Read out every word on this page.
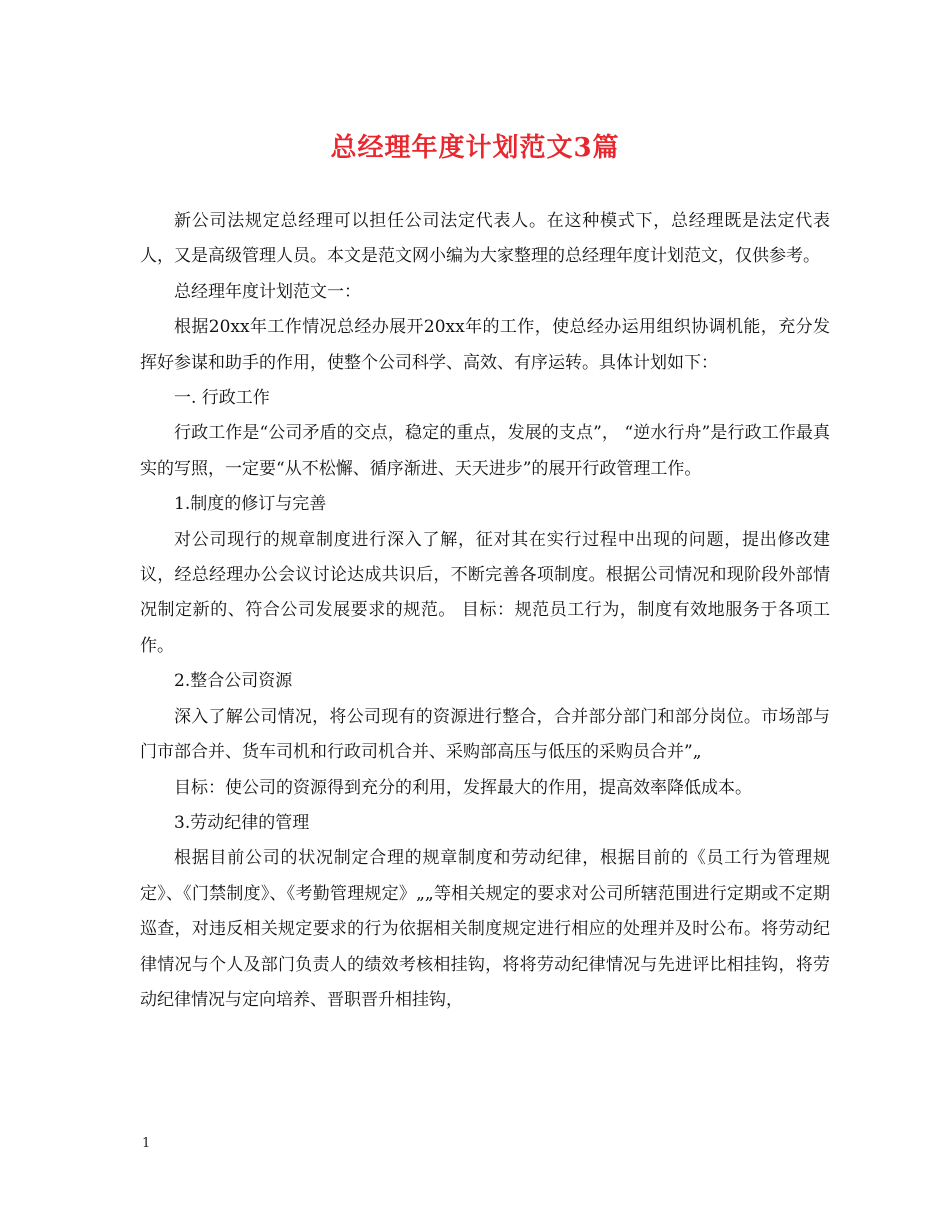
总经理年度计划范文3篇

新公司法规定总经理可以担任公司法定代表人。在这种模式下，总经理既是法定代表人，又是高级管理人员。本文是范文网小编为大家整理的总经理年度计划范文，仅供参考。

总经理年度计划范文一：

根据20xx年工作情况总经办展开20xx年的工作，使总经办运用组织协调机能，充分发挥好参谋和助手的作用，使整个公司科学、高效、有序运转。具体计划如下：

一. 行政工作

行政工作是“公司矛盾的交点，稳定的重点，发展的支点”， “逆水行舟”是行政工作最真实的写照，一定要“从不松懈、循序渐进、天天进步”的展开行政管理工作。

1.制度的修订与完善

对公司现行的规章制度进行深入了解，征对其在实行过程中出现的问题，提出修改建议，经总经理办公会议讨论达成共识后，不断完善各项制度。根据公司情况和现阶段外部情况制定新的、符合公司发展要求的规范。 目标：规范员工行为，制度有效地服务于各项工作。

2.整合公司资源

深入了解公司情况，将公司现有的资源进行整合，合并部分部门和部分岗位。市场部与门市部合并、货车司机和行政司机合并、采购部高压与低压的采购员合并”„

目标：使公司的资源得到充分的利用，发挥最大的作用，提高效率降低成本。

3.劳动纪律的管理

根据目前公司的状况制定合理的规章制度和劳动纪律，根据目前的《员工行为管理规定》、《门禁制度》、《考勤管理规定》„„等相关规定的要求对公司所辖范围进行定期或不定期巡查，对违反相关规定要求的行为依据相关制度规定进行相应的处理并及时公布。将劳动纪律情况与个人及部门负责人的绩效考核相挂钩，将将劳动纪律情况与先进评比相挂钩，将劳动纪律情况与定向培养、晋职晋升相挂钩，

1
